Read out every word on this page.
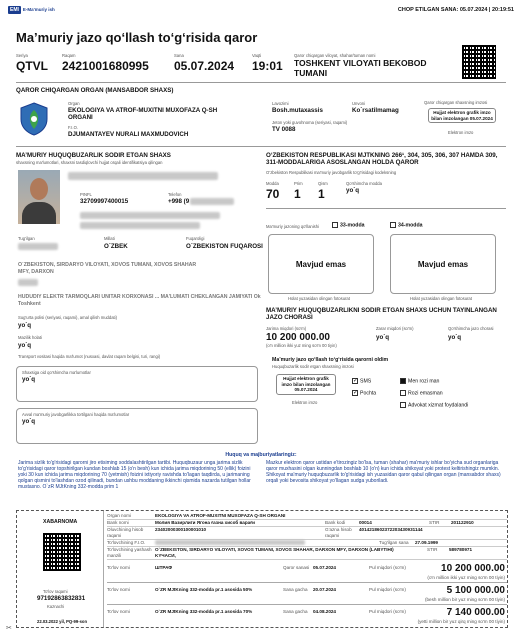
EMI E-Ma'muriy ish	CHOP ETILGAN SANA: 05.07.2024 | 20:19:51
Ma’muriy jazo qo‘llash to‘g‘risida qaror
Seriya
QTVL
Raqam
2421001680995
Sana
05.07.2024
Vaqti
19:01
Qaror chiqargan viloyat, shahar/tuman nomi
TOSHKENT VILOYATI BEKOBOD TUMANI
QAROR CHIQARGAN ORGAN (MANSABDOR SHAXS)
Organ
EKOLOGIYA VA ATROF-MUXITNI MUXOFAZA Q-SH ORGANI
F.I.O.
DJUMANTAYEV NURALI MAXMUDOVICH
Lavozimi
Bosh.mutaxassis
Unvoni
Ko`rsatilmamag
Jeton yoki guvohnoma (seriyasi, raqami)
TV 0088
Qaror chiqargan shaxsning imzosi
Hujjat elektron grafik imzo bilan imzolangan 05.07.2024
Elektron imzo
MA’MURIY HUQUQBUZARLIK SODIR ETGAN SHAXS
shaxsning ma'lumotlari, shaxsni tasdiqlovchi hujjat orqali identifikatsiya qilingan
PINFL
32709997400015
Telefon
+998 (9
Tug'ilgan	Millati
O`ZBEK
Fuqaroligi
O`ZBEKISTON FUQAROSI
O`ZBEKISTON, SIRDARYO VILOYATI, XOVOS TUMANI, XOVOS SHAHAR
MFY, DARXON
HUDUDIY ELEKTR TARMOQLARI UNITAR KORXONASI ... MA'LUMATI CHEKLANGAN JAMIYATI Ok
Toshkent
Sug'urta polisi (seriyasi, raqami), amal qilish muddati)
yo`q
Mazilik holati
yo`q
Transport vositasi haqida ma'lumot (nusxasi, davlat raqam belgisi, turi, rangi)
Shaxsiga oid qo'shimcha ma'lumotlar
yo`q
Avval ma'muriy javobgarlikka tortilgani haqida ma'lumotlar
yo`q
O‘ZBEKISTON RESPUBLIKASI MJTKNING 266¹, 304, 305, 306, 307 HAMDA 309, 311-MODDALARIGA ASOSLANGAN HOLDA QAROR
O‘zbekiston Respublikasi ma'muriy javobgarlik to'g'risidagi kodeksning
Modda
70
Prim
1
Qism
1
Qo'shimcha modda
yo`q
Ma'muriy jazoning qo'llanishi	33-modda	34-modda
Mavjud emas
Holat yuzasidan olingan fotosurat
Mavjud emas
Holat yuzasidan olingan fotosurat
MA’MURIY HUQUQBUZARLIKNI SODIR ETGAN SHAXS UCHUN TAYINLANGAN JAZO CHORASI
Jarima miqdori (so'm)
10 200 000.00
(o'n million ikki yuz ming so'm 00 tiyin)
Zarar miqdori (so'm)
yo`q
Qo'shimcha jazo chorasi
yo`q
Ma’muriy jazo qo‘llash to‘g‘risida qarorni oldim
Huquqbuzarlik sodir etgan shaxsning imzosi
Hujjat elektron grafik imzo bilan imzolangan 05.07.2024
Elektron imzo
✓ SMS
✓ Pochta
Men rozi man
Rozi emasman
Advokat xizmat foydalandi
Huquq va majburiyatlaringiz:
Jarima sizlik to'g'risidagi qarorni jiro etisiming soddalashtirilgan tartibi. Huquqbuzaur unga jarima sizlik to'g'risidagi qaror topshirilgan kundan boshlab 15 (o'n besh) kun ichida jarima miqdorining 50 (ellik) foizini yoki 30 kun ichida jarima miqdorining 70 (yetmish) foizini ixtiyoriy ravishda to'lagan taqdirda, u jarimaning qolgan qismini to'lashdan ozod qilinadi, bundan ushbu moddaning ikkinchi qismida nazarda tutilgan hollar mustasno. O`zR MJtKning 332-modda prim 1
Mazkur elektron qaror ustidan e'tirozingiz bo'lsa, tuman (shahar) ma'muriy ishlar bo'yicha sud organlariga qaror muxhasini olgan kunningdan boshlab 10 (o'n) kun ichida shikoyat yoki protest keltirishingiz mumkin. Shikoyat ma'muriy huquqbuzarlik to'g'risidagi ish yuzasidan qaror qabul qilingan organ (mansabdor shaxs) orqali yoki bevosita shikoyat yo'llagan sudga yuboriladi.
XABARNOMA
To'lov raqami
97192863832831
Kaznachi
22.03.2022 yil, PQ-99-son
Organ nomi	EKOLOGIYA VA ATROF-MUXITNI MUXOFAZA Q-SH ORGANI
Bank nomi	Молия Вазирлиги Ягона ғазна хисоб варағи	Bank kodi	00014	STIR	201122910
Oluvchining hisob raqami
23402000300100001010	G'azna hisob raqami
4014218602372203430931144
To'lovchining F.I.O.	Tug'ilgan sana	27.09.1999
To'lovchining yashash manzili
O`ZBEKISTON, SIRDARYO VILOYATI, XOVOS TUMANI, XOVOS SHAHAR, DARXON MFY, DARXON (LABYTIHI) KYЧAСИ,
STIR	589780971
To'lov nomi	ШТРАФ	Qaror sanasi 05.07.2024	Pul miqdori (so'm)	10 200 000.00
(o'n million ikki yuz ming so'm 00 tiyin)
To'lov nomi	O`ZR MJtKning 332-modda pr.1 asosida 50%	Sana gacha 20.07.2024	Pul miqdori (so'm)	5 100 000.00
(besh million bir yuz ming so'm 00 tiyin)
To'lov nomi	O`ZR MJtKning 332-modda pr.1 asosida 70%	Sana gacha 04.08.2024	Pul miqdori (so'm)	7 140 000.00
(yetti million bir yuz qirq ming so'm 00 tiyin)
✂
